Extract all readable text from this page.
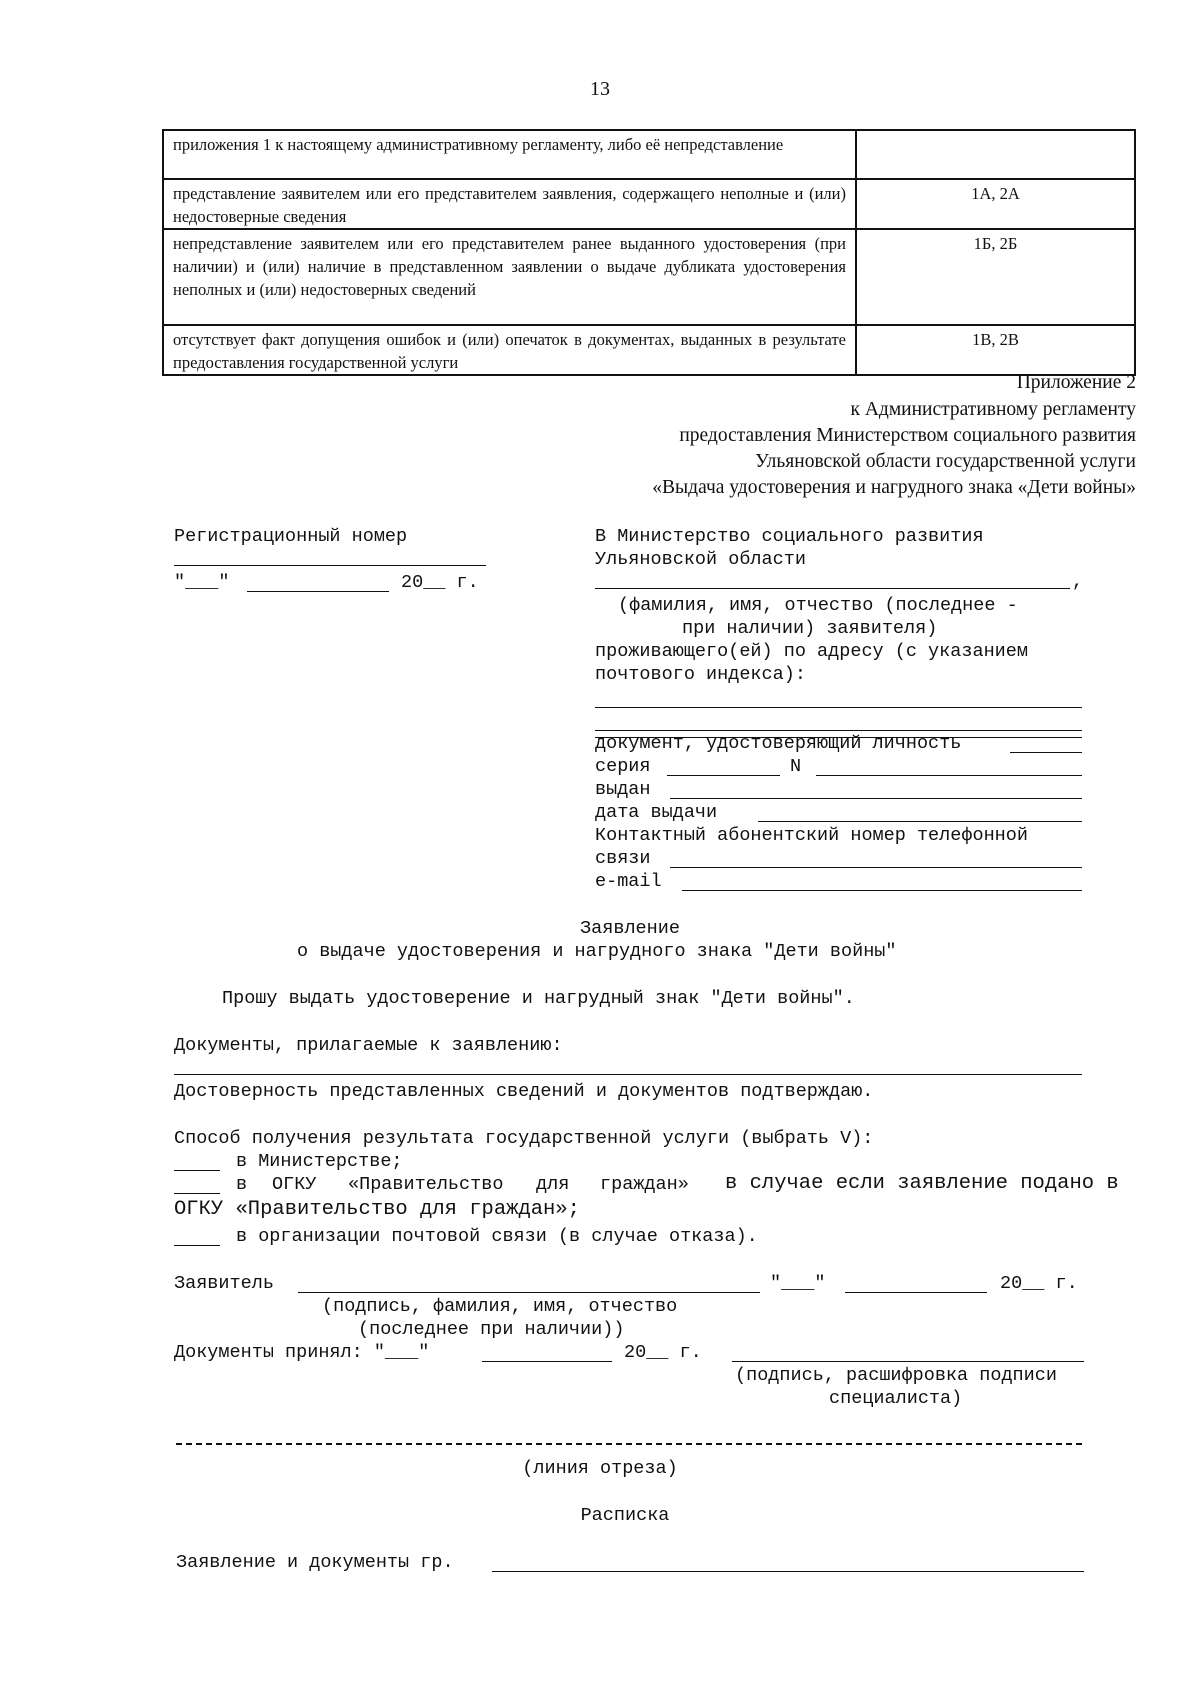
13
приложения 1 к настоящему административному регламенту, либо её непредставление	
представление заявителем или его представителем заявления, содержащего неполные и (или) недостоверные сведения	1А, 2А
непредставление заявителем или его представителем ранее выданного удостоверения (при наличии) и (или) наличие в представленном заявлении о выдаче дубликата удостоверения неполных и (или) недостоверных сведений	1Б, 2Б
отсутствует факт допущения ошибок и (или) опечаток в документах, выданных в результате предоставления государственной услуги	1В, 2В
Приложение 2
к Административному регламенту
предоставления Министерством социального развития
Ульяновской области государственной услуги
«Выдача удостоверения и нагрудного знака «Дети войны»
Регистрационный номер
"___"	20__ г.
В Министерство социального развития
Ульяновской области
,
(фамилия, имя, отчество (последнее -
при наличии) заявителя)
проживающего(ей) по адресу (с указанием
почтового индекса):
документ, удостоверяющий личность
серия	N
выдан
дата выдачи
Контактный абонентский номер телефонной
связи
e-mail
Заявление
о выдаче удостоверения и нагрудного знака "Дети войны"
Прошу выдать удостоверение и нагрудный знак "Дети войны".
Документы, прилагаемые к заявлению:
Достоверность представленных сведений и документов подтверждаю.
Способ получения результата государственной услуги (выбрать V):
в Министерстве;
в ОГКУ «Правительство для граждан» в случае если заявление подано в
ОГКУ «Правительство для граждан»;
в организации почтовой связи (в случае отказа).
Заявитель	"___"	20__ г.
(подпись, фамилия, имя, отчество
(последнее при наличии))
Документы принял: "___"	20__ г.
(подпись, расшифровка подписи
специалиста)
(линия отреза)
Расписка
Заявление и документы гр.
